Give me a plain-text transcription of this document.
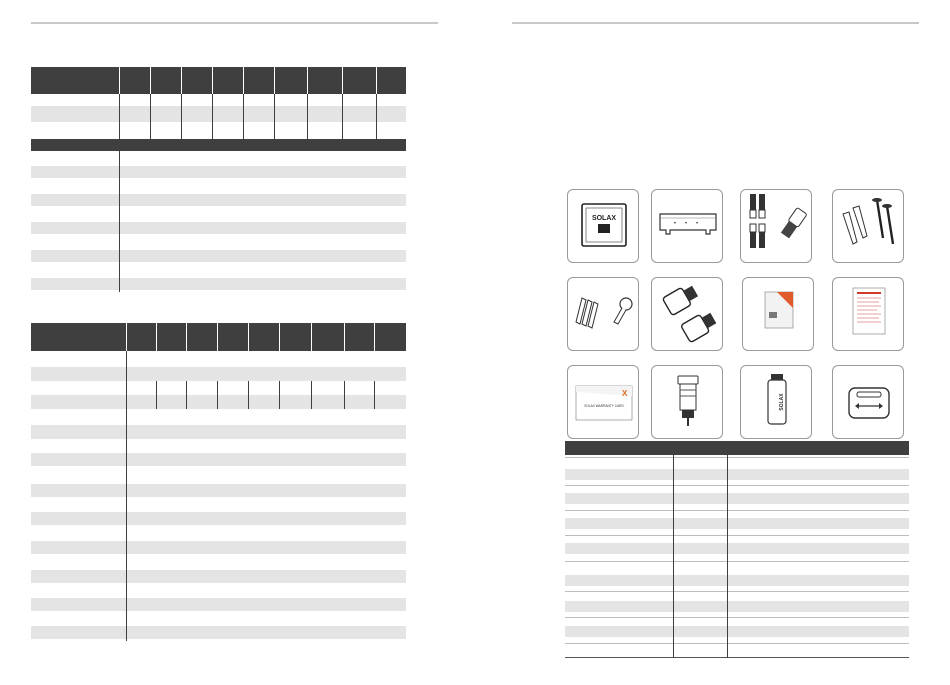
SOLAX
X
SOLAX WARRANTY CARD	SOLAX
